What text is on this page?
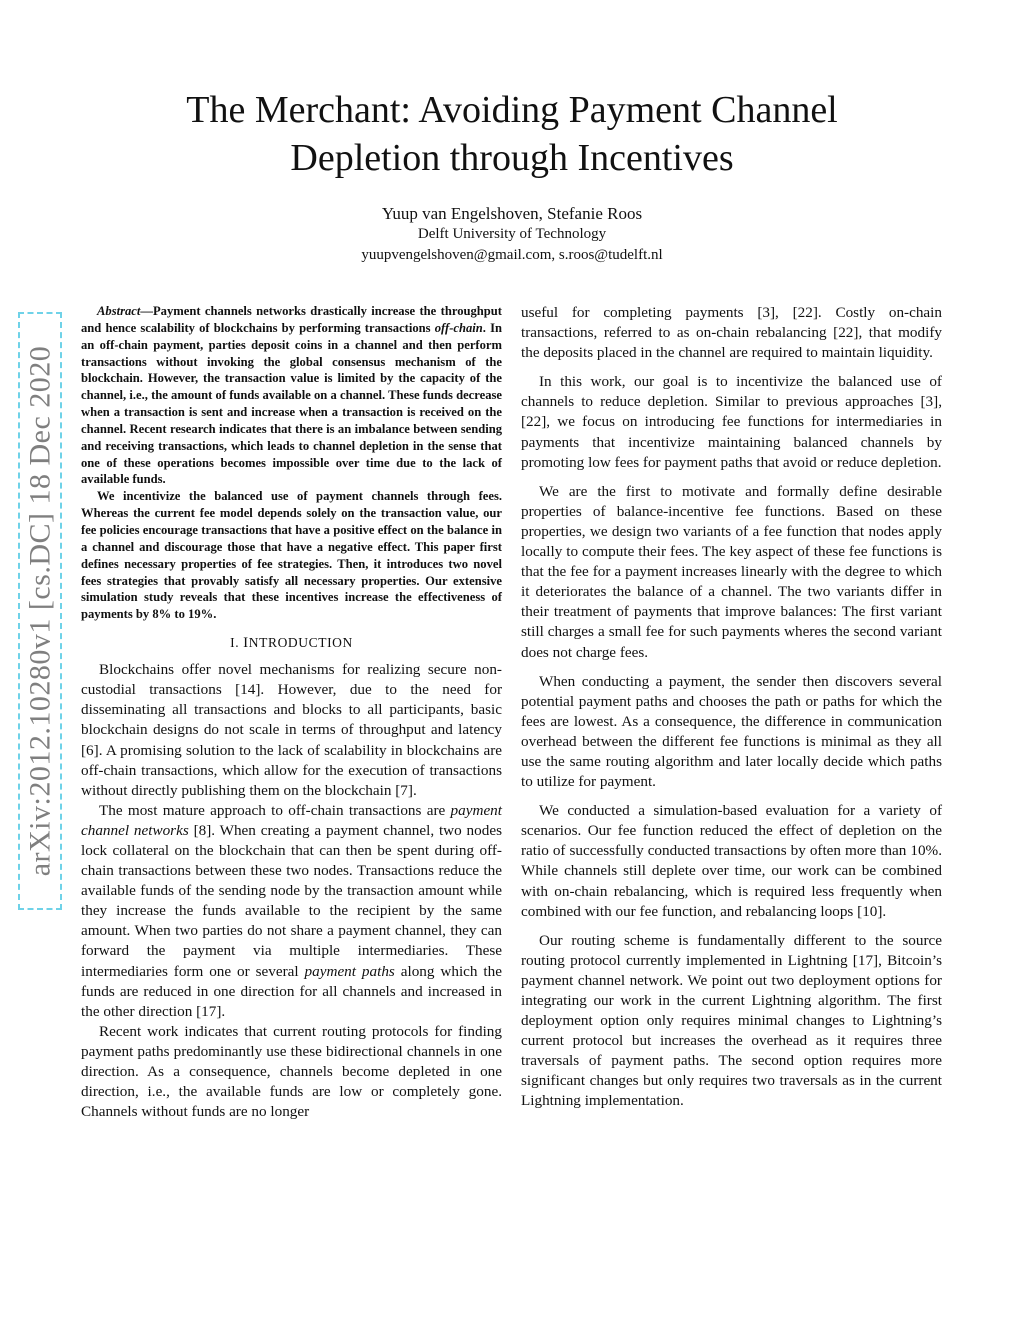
arXiv:2012.10280v1 [cs.DC] 18 Dec 2020
The Merchant: Avoiding Payment Channel
Depletion through Incentives
Yuup van Engelshoven, Stefanie Roos
Delft University of Technology
yuupvengelshoven@gmail.com, s.roos@tudelft.nl

Abstract—Payment channels networks drastically increase the throughput and hence scalability of blockchains by performing transactions off-chain. In an off-chain payment, parties deposit coins in a channel and then perform transactions without invoking the global consensus mechanism of the blockchain. However, the transaction value is limited by the capacity of the channel, i.e., the amount of funds available on a channel. These funds decrease when a transaction is sent and increase when a transaction is received on the channel. Recent research indicates that there is an imbalance between sending and receiving transactions, which leads to channel depletion in the sense that one of these operations becomes impossible over time due to the lack of available funds.

We incentivize the balanced use of payment channels through fees. Whereas the current fee model depends solely on the transaction value, our fee policies encourage transactions that have a positive effect on the balance in a channel and discourage those that have a negative effect. This paper first defines necessary properties of fee strategies. Then, it introduces two novel fees strategies that provably satisfy all necessary properties. Our extensive simulation study reveals that these incentives increase the effectiveness of payments by 8% to 19%.

I. INTRODUCTION

Blockchains offer novel mechanisms for realizing secure non-custodial transactions [14]. However, due to the need for disseminating all transactions and blocks to all participants, basic blockchain designs do not scale in terms of throughput and latency [6]. A promising solution to the lack of scalability in blockchains are off-chain transactions, which allow for the execution of transactions without directly publishing them on the blockchain [7].

The most mature approach to off-chain transactions are payment channel networks [8]. When creating a payment channel, two nodes lock collateral on the blockchain that can then be spent during off-chain transactions between these two nodes. Transactions reduce the available funds of the sending node by the transaction amount while they increase the funds available to the recipient by the same amount. When two parties do not share a payment channel, they can forward the payment via multiple intermediaries. These intermediaries form one or several payment paths along which the funds are reduced in one direction for all channels and increased in the other direction [17].

Recent work indicates that current routing protocols for finding payment paths predominantly use these bidirectional channels in one direction. As a consequence, channels become depleted in one direction, i.e., the available funds are low or completely gone. Channels without funds are no longer

useful for completing payments [3], [22]. Costly on-chain transactions, referred to as on-chain rebalancing [22], that modify the deposits placed in the channel are required to maintain liquidity.

In this work, our goal is to incentivize the balanced use of channels to reduce depletion. Similar to previous approaches [3], [22], we focus on introducing fee functions for intermediaries in payments that incentivize maintaining balanced channels by promoting low fees for payment paths that avoid or reduce depletion.

We are the first to motivate and formally define desirable properties of balance-incentive fee functions. Based on these properties, we design two variants of a fee function that nodes apply locally to compute their fees. The key aspect of these fee functions is that the fee for a payment increases linearly with the degree to which it deteriorates the balance of a channel. The two variants differ in their treatment of payments that improve balances: The first variant still charges a small fee for such payments wheres the second variant does not charge fees.

When conducting a payment, the sender then discovers several potential payment paths and chooses the path or paths for which the fees are lowest. As a consequence, the difference in communication overhead between the different fee functions is minimal as they all use the same routing algorithm and later locally decide which paths to utilize for payment.

We conducted a simulation-based evaluation for a variety of scenarios. Our fee function reduced the effect of depletion on the ratio of successfully conducted transactions by often more than 10%. While channels still deplete over time, our work can be combined with on-chain rebalancing, which is required less frequently when combined with our fee function, and rebalancing loops [10].

Our routing scheme is fundamentally different to the source routing protocol currently implemented in Lightning [17], Bitcoin’s payment channel network. We point out two deployment options for integrating our work in the current Lightning algorithm. The first deployment option only requires minimal changes to Lightning’s current protocol but increases the overhead as it requires three traversals of payment paths. The second option requires more significant changes but only requires two traversals as in the current Lightning implementation.
